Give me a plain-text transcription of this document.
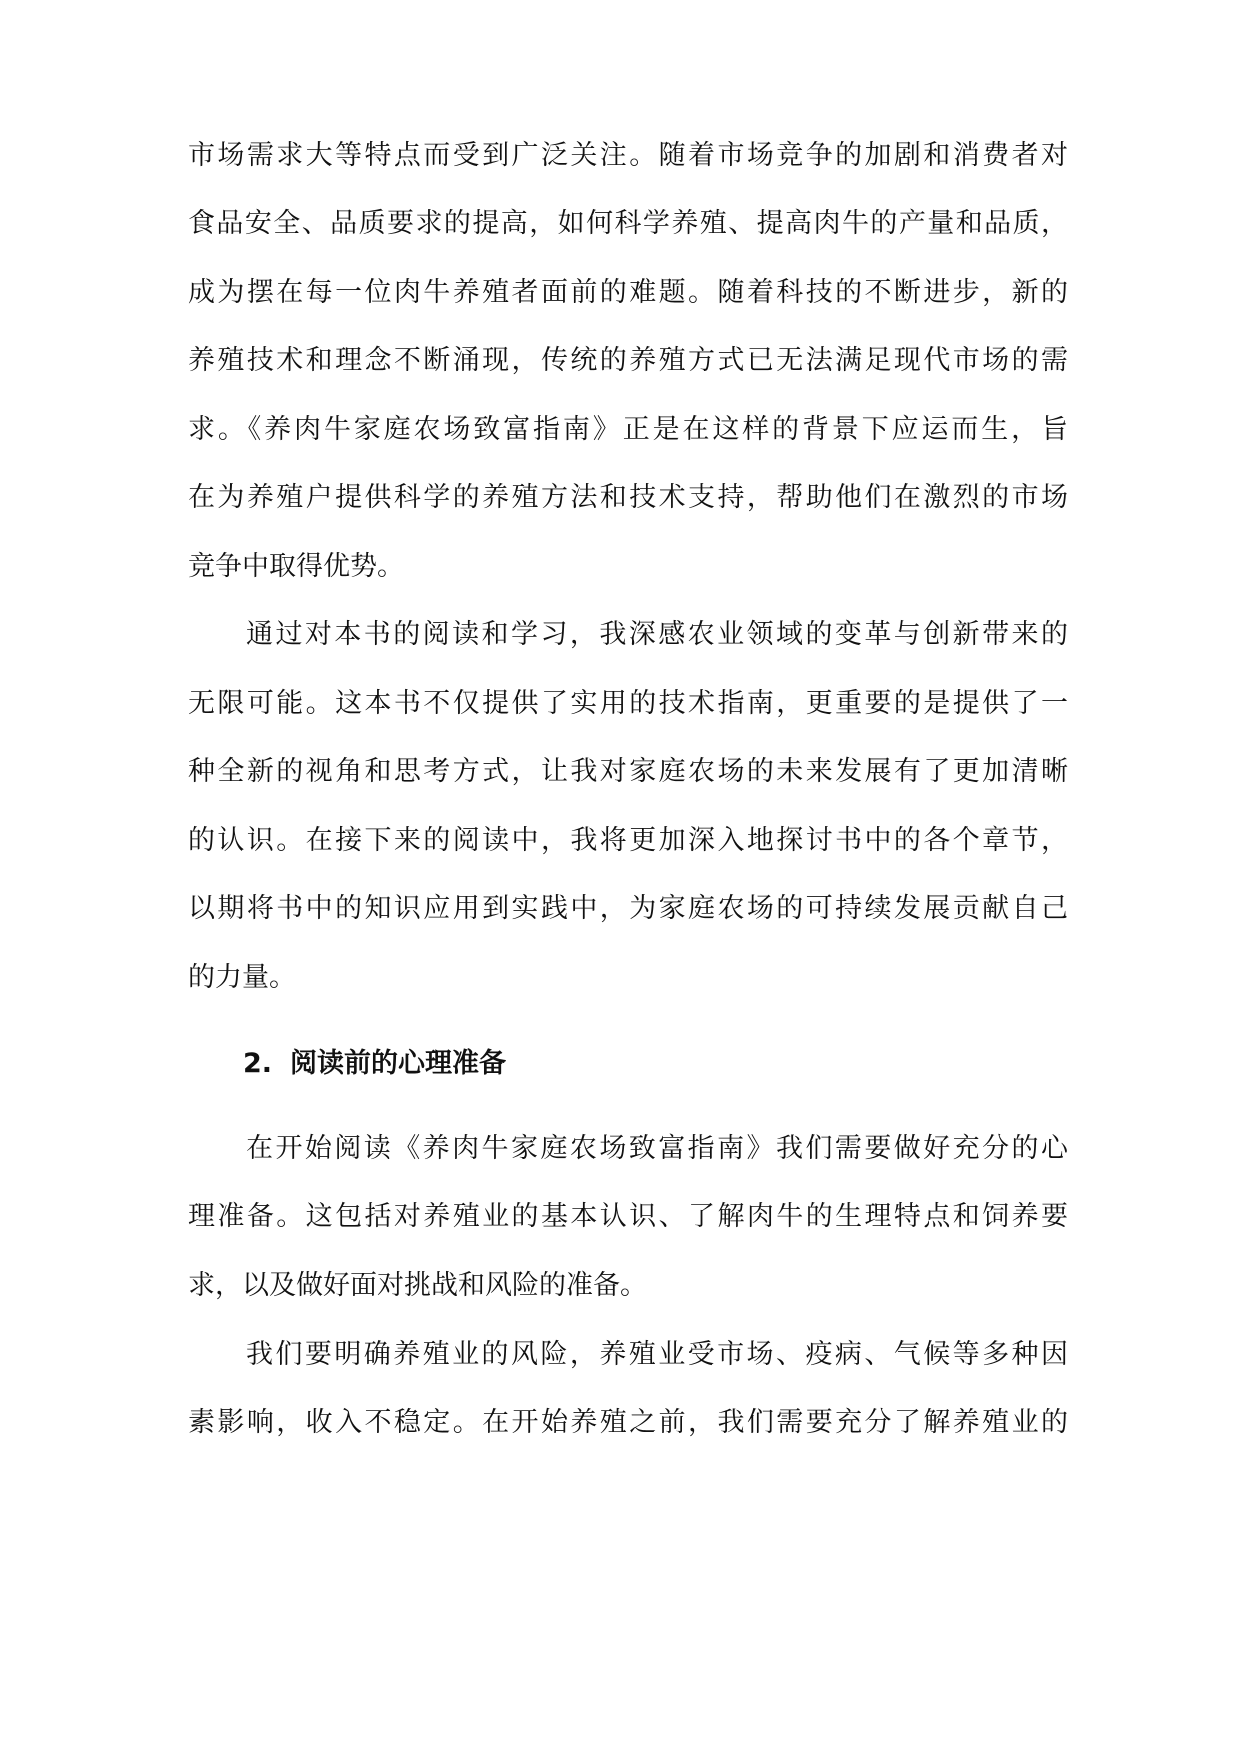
市场需求大等特点而受到广泛关注。随着市场竞争的加剧和消费者对
食品安全、品质要求的提高，如何科学养殖、提高肉牛的产量和品质，
成为摆在每一位肉牛养殖者面前的难题。随着科技的不断进步，新的
养殖技术和理念不断涌现，传统的养殖方式已无法满足现代市场的需
求。《养肉牛家庭农场致富指南》正是在这样的背景下应运而生，旨
在为养殖户提供科学的养殖方法和技术支持，帮助他们在激烈的市场
竞争中取得优势。
通过对本书的阅读和学习，我深感农业领域的变革与创新带来的
无限可能。这本书不仅提供了实用的技术指南，更重要的是提供了一
种全新的视角和思考方式，让我对家庭农场的未来发展有了更加清晰
的认识。在接下来的阅读中，我将更加深入地探讨书中的各个章节，
以期将书中的知识应用到实践中，为家庭农场的可持续发展贡献自己
的力量。
2. 阅读前的心理准备
在开始阅读《养肉牛家庭农场致富指南》我们需要做好充分的心
理准备。这包括对养殖业的基本认识、了解肉牛的生理特点和饲养要
求，以及做好面对挑战和风险的准备。
我们要明确养殖业的风险，养殖业受市场、疫病、气候等多种因
素影响，收入不稳定。在开始养殖之前，我们需要充分了解养殖业的
